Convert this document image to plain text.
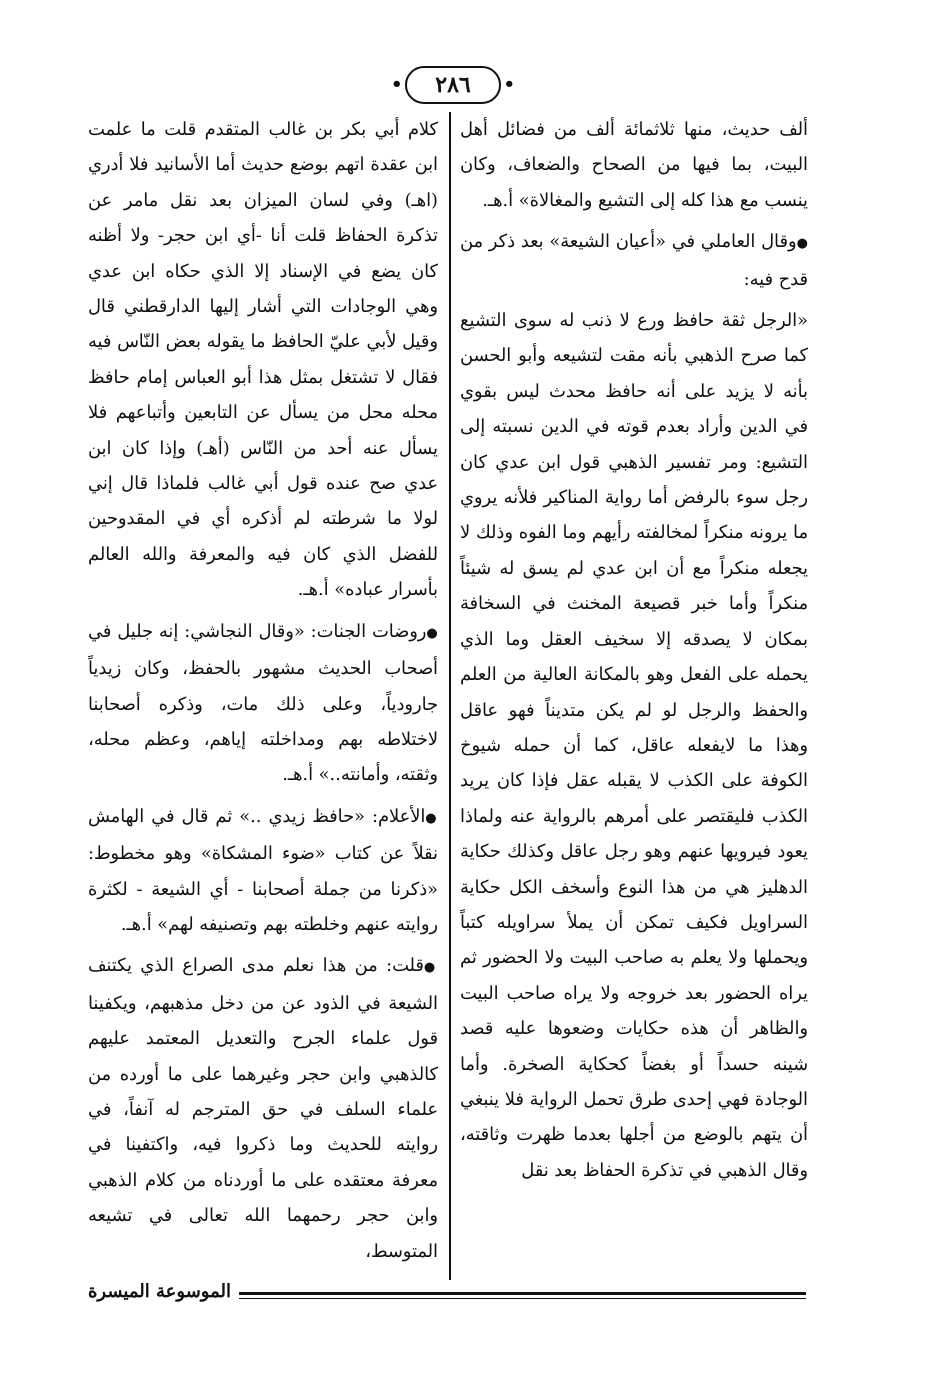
• ٢٨٦
•

ألف حديث، منها ثلاثمائة ألف من فضائل أهل البيت، بما فيها من الصحاح والضعاف، وكان ينسب مع هذا كله إلى التشيع والمغالاة» أ.هـ.

● وقال العاملي في «أعيان الشيعة» بعد ذكر من قدح فيه:

«الرجل ثقة حافظ ورع لا ذنب له سوى التشيع كما صرح الذهبي بأنه مقت لتشيعه وأبو الحسن بأنه لا يزيد على أنه حافظ محدث ليس بقوي في الدين وأراد بعدم قوته في الدين نسبته إلى التشيع: ومر تفسير الذهبي قول ابن عدي كان رجل سوء بالرفض أما رواية المناكير فلأنه يروي ما يرونه منكراً لمخالفته رأيهم وما الفوه وذلك لا يجعله منكراً مع أن ابن عدي لم يسق له شيئاً منكراً وأما خبر قصيعة المخنث في السخافة بمكان لا يصدقه إلا سخيف العقل وما الذي يحمله على الفعل وهو بالمكانة العالية من العلم والحفظ والرجل لو لم يكن متديناً فهو عاقل وهذا ما لايفعله عاقل، كما أن حمله شيوخ الكوفة على الكذب لا يقبله عقل فإذا كان يريد الكذب فليقتصر على أمرهم بالرواية عنه ولماذا يعود فيرويها عنهم وهو رجل عاقل وكذلك حكاية الدهليز هي من هذا النوع وأسخف الكل حكاية السراويل فكيف تمكن أن يملأ سراويله كتباً ويحملها ولا يعلم به صاحب البيت ولا الحضور ثم يراه الحضور بعد خروجه ولا يراه صاحب البيت والظاهر أن هذه حكايات وضعوها عليه قصد شينه حسداً أو بغضاً كحكاية الصخرة. وأما الوجادة فهي إحدى طرق تحمل الرواية فلا ينبغي أن يتهم بالوضع من أجلها بعدما ظهرت وثاقته، وقال الذهبي في تذكرة الحفاظ بعد نقل

كلام أبي بكر بن غالب المتقدم قلت ما علمت ابن عقدة اتهم بوضع حديث أما الأسانيد فلا أدري (اهـ) وفي لسان الميزان بعد نقل مامر عن تذكرة الحفاظ قلت أنا -أي ابن حجر- ولا أظنه كان يضع في الإسناد إلا الذي حكاه ابن عدي وهي الوجادات التي أشار إليها الدارقطني قال وقيل لأبي عليّ الحافظ ما يقوله بعض النّاس فيه فقال لا تشتغل بمثل هذا أبو العباس إمام حافظ محله محل من يسأل عن التابعين وأتباعهم فلا يسأل عنه أحد من النّاس (أهـ) وإذا كان ابن عدي صح عنده قول أبي غالب فلماذا قال إني لولا ما شرطته لم أذكره أي في المقدوحين للفضل الذي كان فيه والمعرفة والله العالم بأسرار عباده» أ.هـ.

● روضات الجنات: «وقال النجاشي: إنه جليل في أصحاب الحديث مشهور بالحفظ، وكان زيدياً جارودياً، وعلى ذلك مات، وذكره أصحابنا لاختلاطه بهم ومداخلته إياهم، وعظم محله، وثقته، وأمانته..» أ.هـ.

● الأعلام: «حافظ زيدي ..» ثم قال في الهامش نقلاً عن كتاب «ضوء المشكاة» وهو مخطوط: «ذكرنا من جملة أصحابنا - أي الشيعة - لكثرة روايته عنهم وخلطته بهم وتصنيفه لهم» أ.هـ.

● قلت: من هذا نعلم مدى الصراع الذي يكتنف الشيعة في الذود عن من دخل مذهبهم، ويكفينا قول علماء الجرح والتعديل المعتمد عليهم كالذهبي وابن حجر وغيرهما على ما أورده من علماء السلف في حق المترجم له آنفاً، في روايته للحديث وما ذكروا فيه، واكتفينا في معرفة معتقده على ما أوردناه من كلام الذهبي وابن حجر رحمهما الله تعالى في تشيعه المتوسط،

الموسوعة الميسرة
